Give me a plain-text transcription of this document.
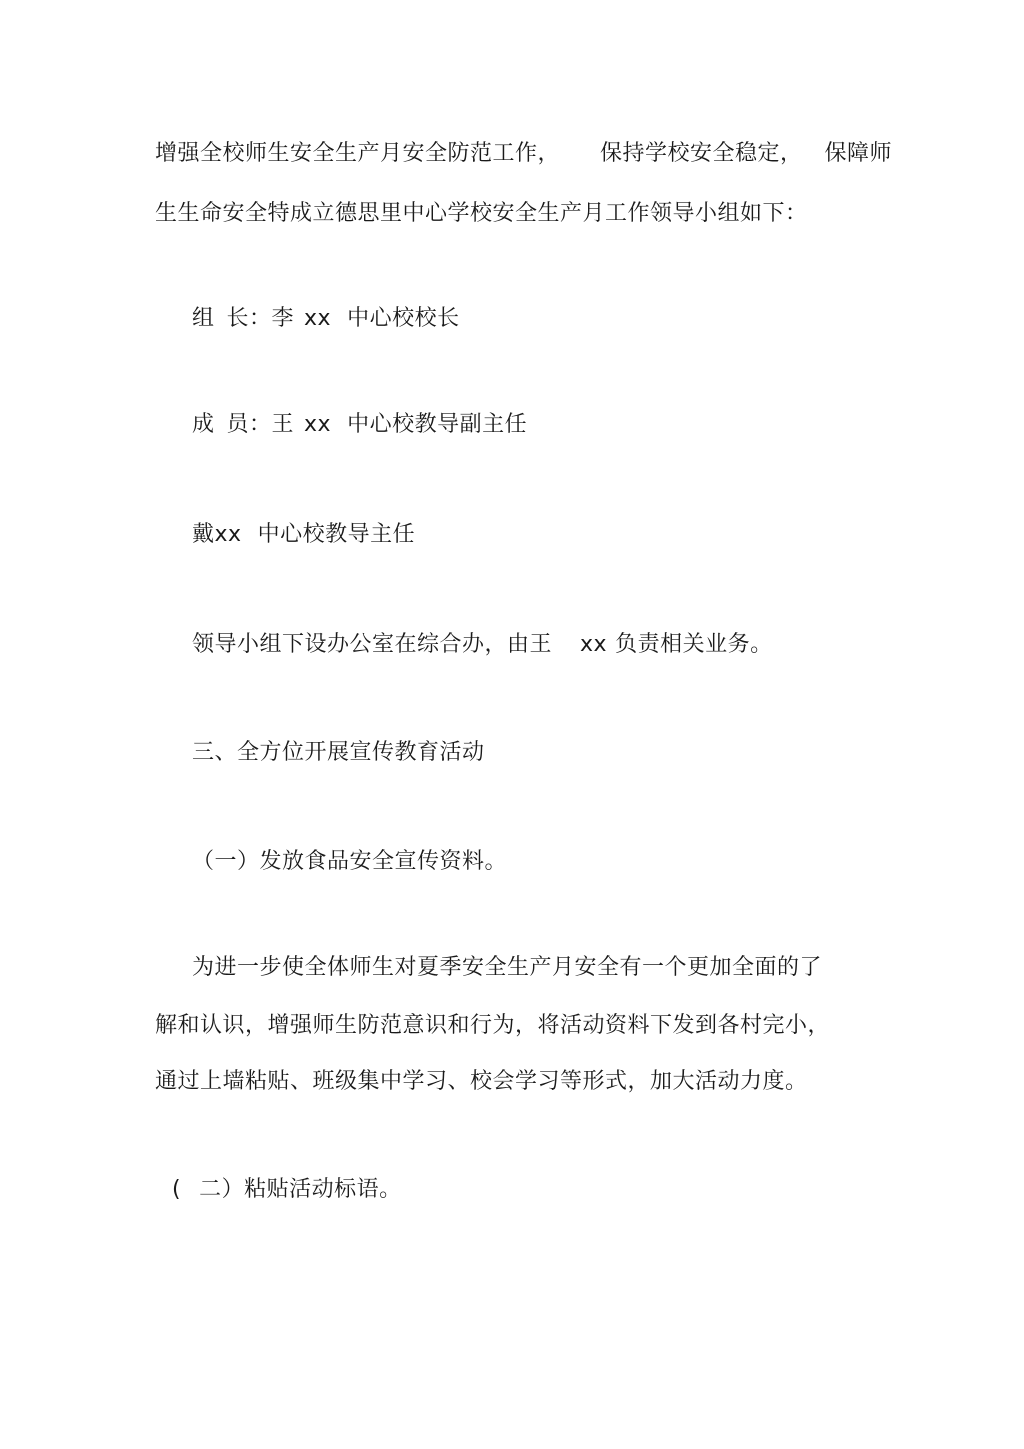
增强全校师生安全生产月安全防范工作， 保持学校安全稳定， 保障师
生生命安全特成立德思里中心学校安全生产月工作领导小组如下：
组 长：李 xx 中心校校长
成 员：王 xx 中心校教导副主任
戴xx 中心校教导主任
领导小组下设办公室在综合办，由王 xx 负责相关业务。
三、全方位开展宣传教育活动
（一）发放食品安全宣传资料。
为进一步使全体师生对夏季安全生产月安全有一个更加全面的了
解和认识，增强师生防范意识和行为，将活动资料下发到各村完小，
通过上墙粘贴、班级集中学习、校会学习等形式，加大活动力度。
( 二）粘贴活动标语。
